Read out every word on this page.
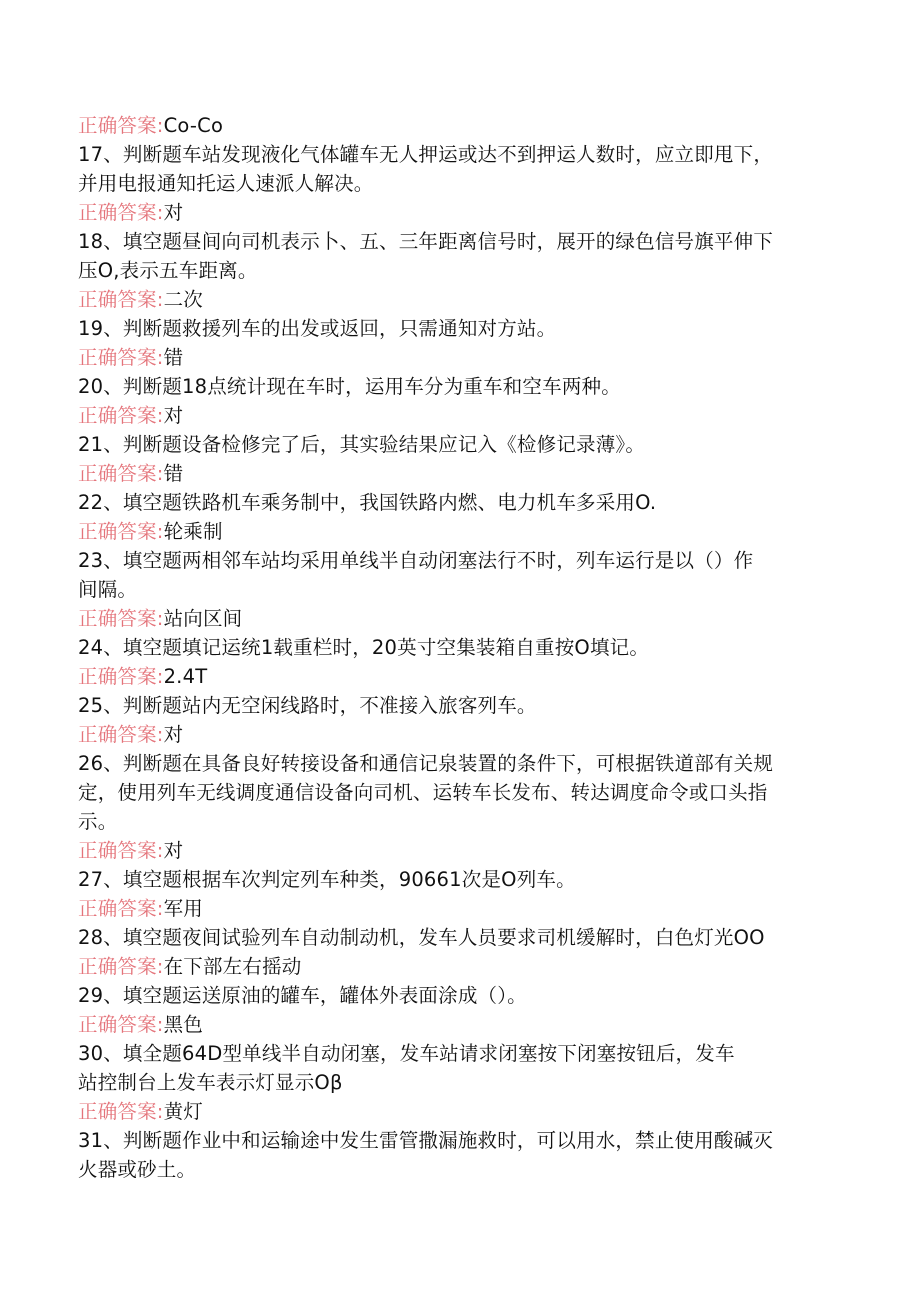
正确答案:Co-Co
17、判断题车站发现液化气体罐车无人押运或达不到押运人数时，应立即甩下，
并用电报通知托运人速派人解决。
正确答案:对
18、填空题昼间向司机表示卜、五、三年距离信号时，展开的绿色信号旗平伸下
压O,表示五车距离。
正确答案:二次
19、判断题救援列车的出发或返回，只需通知对方站。
正确答案:错
20、判断题18点统计现在车时，运用车分为重车和空车两种。
正确答案:对
21、判断题设备检修完了后，其实验结果应记入《检修记录薄》。
正确答案:错
22、填空题铁路机车乘务制中，我国铁路内燃、电力机车多采用O.
正确答案:轮乘制
23、填空题两相邻车站均采用单线半自动闭塞法行不时，列车运行是以（）作
间隔。
正确答案:站向区间
24、填空题填记运统1载重栏时，20英寸空集装箱自重按O填记。
正确答案:2.4T
25、判断题站内无空闲线路时，不准接入旅客列车。
正确答案:对
26、判断题在具备良好转接设备和通信记泉装置的条件下，可根据铁道部有关规
定，使用列车无线调度通信设备向司机、运转车长发布、转达调度命令或口头指
示。
正确答案:对
27、填空题根据车次判定列车种类，90661次是O列车。
正确答案:军用
28、填空题夜间试验列车自动制动机，发车人员要求司机缓解时，白色灯光OO
正确答案:在下部左右摇动
29、填空题运送原油的罐车，罐体外表面涂成（）。
正确答案:黑色
30、填全题64D型单线半自动闭塞，发车站请求闭塞按下闭塞按钮后，发车
站控制台上发车表示灯显示Oβ
正确答案:黄灯
31、判断题作业中和运输途中发生雷管撒漏施救时，可以用水，禁止使用酸碱灭
火器或砂土。
